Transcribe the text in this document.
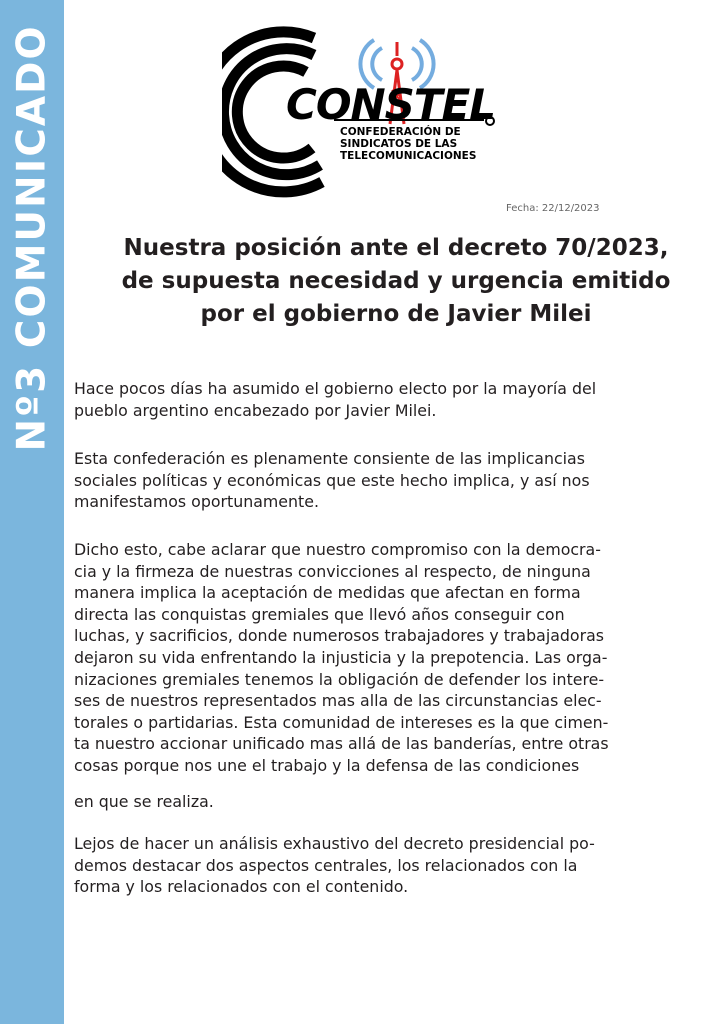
Nº3 COMUNICADO	CONSTEL
CONFEDERACIÓN DE
SINDICATOS DE LAS
TELECOMUNICACIONES
Fecha: 22/12/2023
Nuestra posición ante el decreto 70/2023,
de supuesta necesidad y urgencia emitido
por el gobierno de Javier Milei

Hace pocos días ha asumido el gobierno electo por la mayoría del
pueblo argentino encabezado por Javier Milei.

Esta confederación es plenamente consiente de las implicancias
sociales políticas y económicas que este hecho implica, y así nos
manifestamos oportunamente.

Dicho esto, cabe aclarar que nuestro compromiso con la democra-
cia y la firmeza de nuestras convicciones al respecto, de ninguna
manera implica la aceptación de medidas que afectan en forma
directa las conquistas gremiales que llevó años conseguir con
luchas, y sacrificios, donde numerosos trabajadores y trabajadoras
dejaron su vida enfrentando la injusticia y la prepotencia. Las orga-
nizaciones gremiales tenemos la obligación de defender los intere-
ses de nuestros representados mas alla de las circunstancias elec-
torales o partidarias. Esta comunidad de intereses es la que cimen-
ta nuestro accionar unificado mas allá de las banderías, entre otras
cosas porque nos une el trabajo y la defensa de las condiciones

en que se realiza.

Lejos de hacer un análisis exhaustivo del decreto presidencial po-
demos destacar dos aspectos centrales, los relacionados con la
forma y los relacionados con el contenido.
